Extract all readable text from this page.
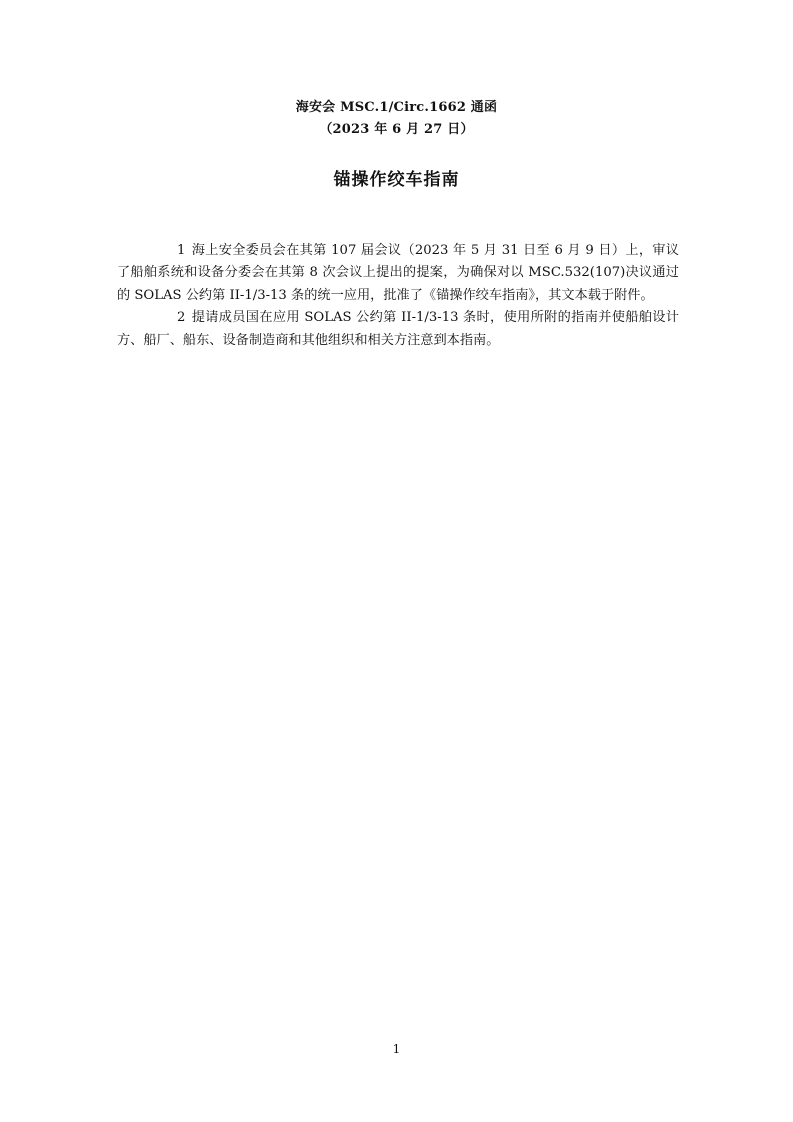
海安会 MSC.1/Circ.1662 通函
（2023 年 6 月 27 日）
锚操作绞车指南

1 海上安全委员会在其第 107 届会议（2023 年 5 月 31 日至 6 月 9 日）上，审议了船舶系统和设备分委会在其第 8 次会议上提出的提案，为确保对以 MSC.532(107)决议通过的 SOLAS 公约第 II-1/3-13 条的统一应用，批准了《锚操作绞车指南》，其文本载于附件。

2 提请成员国在应用 SOLAS 公约第 II-1/3-13 条时，使用所附的指南并使船舶设计方、船厂、船东、设备制造商和其他组织和相关方注意到本指南。

1
